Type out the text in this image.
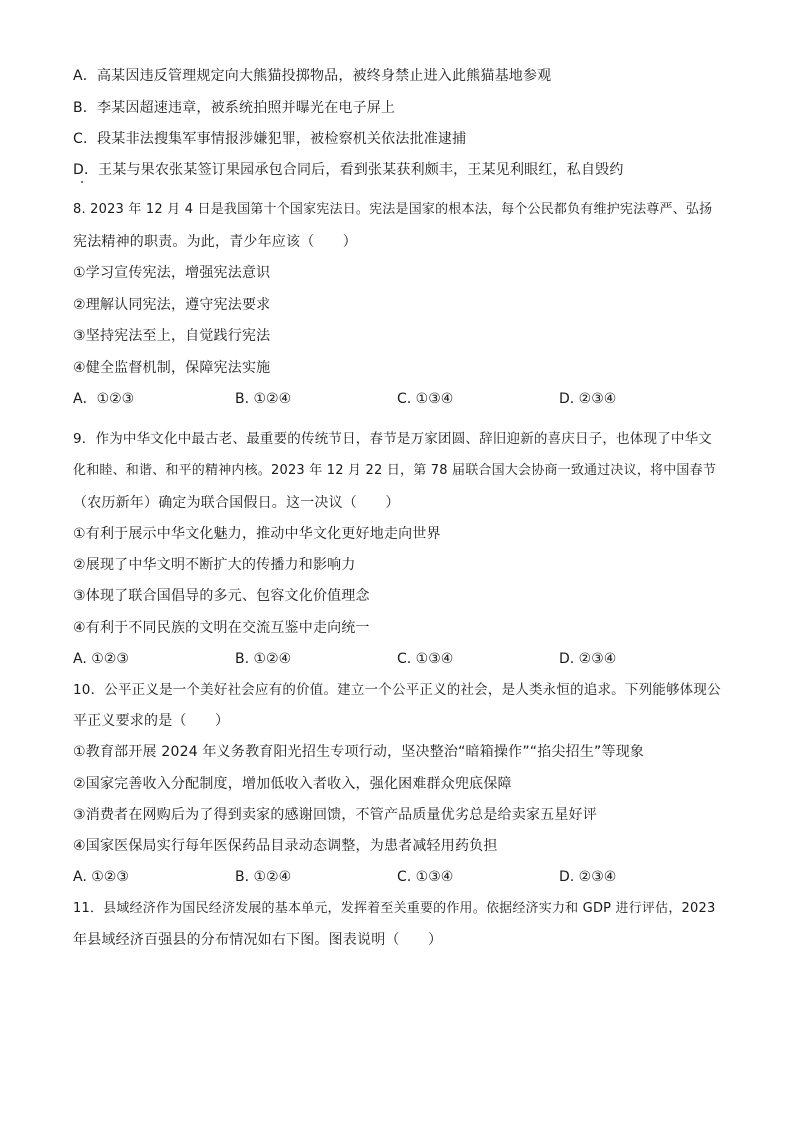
A．高某因违反管理规定向大熊猫投掷物品，被终身禁止进入此熊猫基地参观
B．李某因超速违章，被系统拍照并曝光在电子屏上
C．段某非法搜集军事情报涉嫌犯罪，被检察机关依法批准逮捕
D．王某与果农张某签订果园承包合同后，看到张某获利颇丰，王某见利眼红，私自毁约
8. 2023 年 12 月 4 日是我国第十个国家宪法日。宪法是国家的根本法，每个公民都负有维护宪法尊严、弘扬
宪法精神的职责。为此，青少年应该（　　）
①学习宣传宪法，增强宪法意识
②理解认同宪法，遵守宪法要求
③坚持宪法至上，自觉践行宪法
④健全监督机制，保障宪法实施
A．①②③	B. ①②④	C. ①③④	D. ②③④
9．作为中华文化中最古老、最重要的传统节日，春节是万家团圆、辞旧迎新的喜庆日子，也体现了中华文
化和睦、和谐、和平的精神内核。2023 年 12 月 22 日，第 78 届联合国大会协商一致通过决议，将中国春节
（农历新年）确定为联合国假日。这一决议（　　）
①有利于展示中华文化魅力，推动中华文化更好地走向世界
②展现了中华文明不断扩大的传播力和影响力
③体现了联合国倡导的多元、包容文化价值理念
④有利于不同民族的文明在交流互鉴中走向统一
A. ①②③	B. ①②④	C. ①③④	D. ②③④
10．公平正义是一个美好社会应有的价值。建立一个公平正义的社会，是人类永恒的追求。下列能够体现公
平正义要求的是（　　）
①教育部开展 2024 年义务教育阳光招生专项行动，坚决整治“暗箱操作”“掐尖招生”等现象
②国家完善收入分配制度，增加低收入者收入，强化困难群众兜底保障
③消费者在网购后为了得到卖家的感谢回馈，不管产品质量优劣总是给卖家五星好评
④国家医保局实行每年医保药品目录动态调整，为患者减轻用药负担
A. ①②③	B. ①②④	C. ①③④	D. ②③④
11．县域经济作为国民经济发展的基本单元，发挥着至关重要的作用。依据经济实力和 GDP 进行评估，2023
年县域经济百强县的分布情况如右下图。图表说明（　　）
